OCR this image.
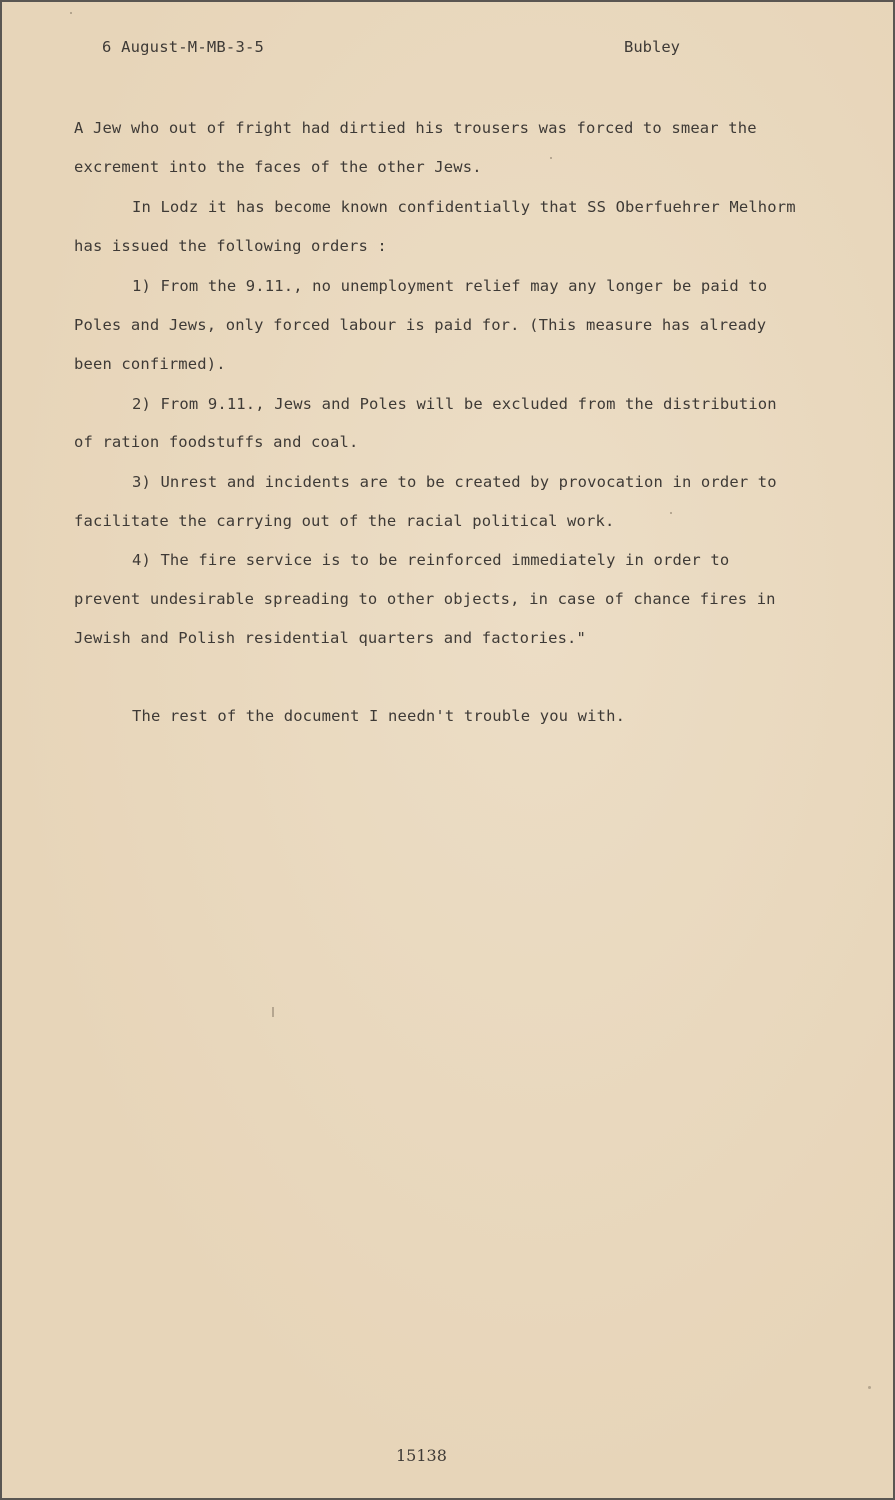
6 August-M-MB-3-5	Bubley
A Jew who out of fright had dirtied his trousers was forced to smear the
excrement into the faces of the other Jews.
In Lodz it has become known confidentially that SS Oberfuehrer Melhorm
has issued the following orders :
1) From the 9.11., no unemployment relief may any longer be paid to
Poles and Jews, only forced labour is paid for. (This measure has already
been confirmed).
2) From 9.11., Jews and Poles will be excluded from the distribution
of ration foodstuffs and coal.
3) Unrest and incidents are to be created by provocation in order to
facilitate the carrying out of the racial political work.
4) The fire service is to be reinforced immediately in order to
prevent undesirable spreading to other objects, in case of chance fires in
Jewish and Polish residential quarters and factories."
The rest of the document I needn't trouble you with.
15138
